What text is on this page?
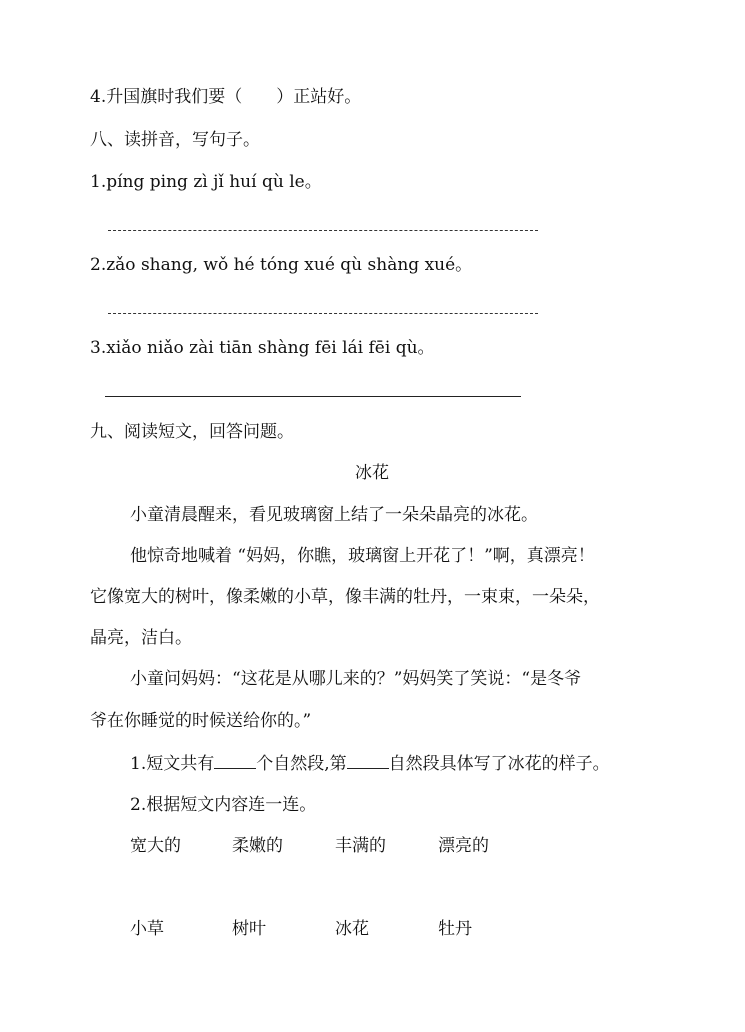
4.升国旗时我们要（ ）正站好。
八、读拼音，写句子。
1.píng ping zì jǐ huí qù le。
2.zǎo shang, wǒ hé tóng xué qù shàng xué。
3.xiǎo niǎo zài tiān shàng fēi lái fēi qù。
九、阅读短文，回答问题。
冰花
小童清晨醒来，看见玻璃窗上结了一朵朵晶亮的冰花。
他惊奇地喊着 “妈妈，你瞧，玻璃窗上开花了！”啊，真漂亮！
它像宽大的树叶，像柔嫩的小草，像丰满的牡丹，一束束，一朵朵，
晶亮，洁白。
小童问妈妈：“这花是从哪儿来的？”妈妈笑了笑说：“是冬爷
爷在你睡觉的时候送给你的。”
1.短文共有 个自然段,第 自然段具体写了冰花的样子。
2.根据短文内容连一连。
宽大的	柔嫩的	丰满的	漂亮的
小草	树叶	冰花	牡丹
